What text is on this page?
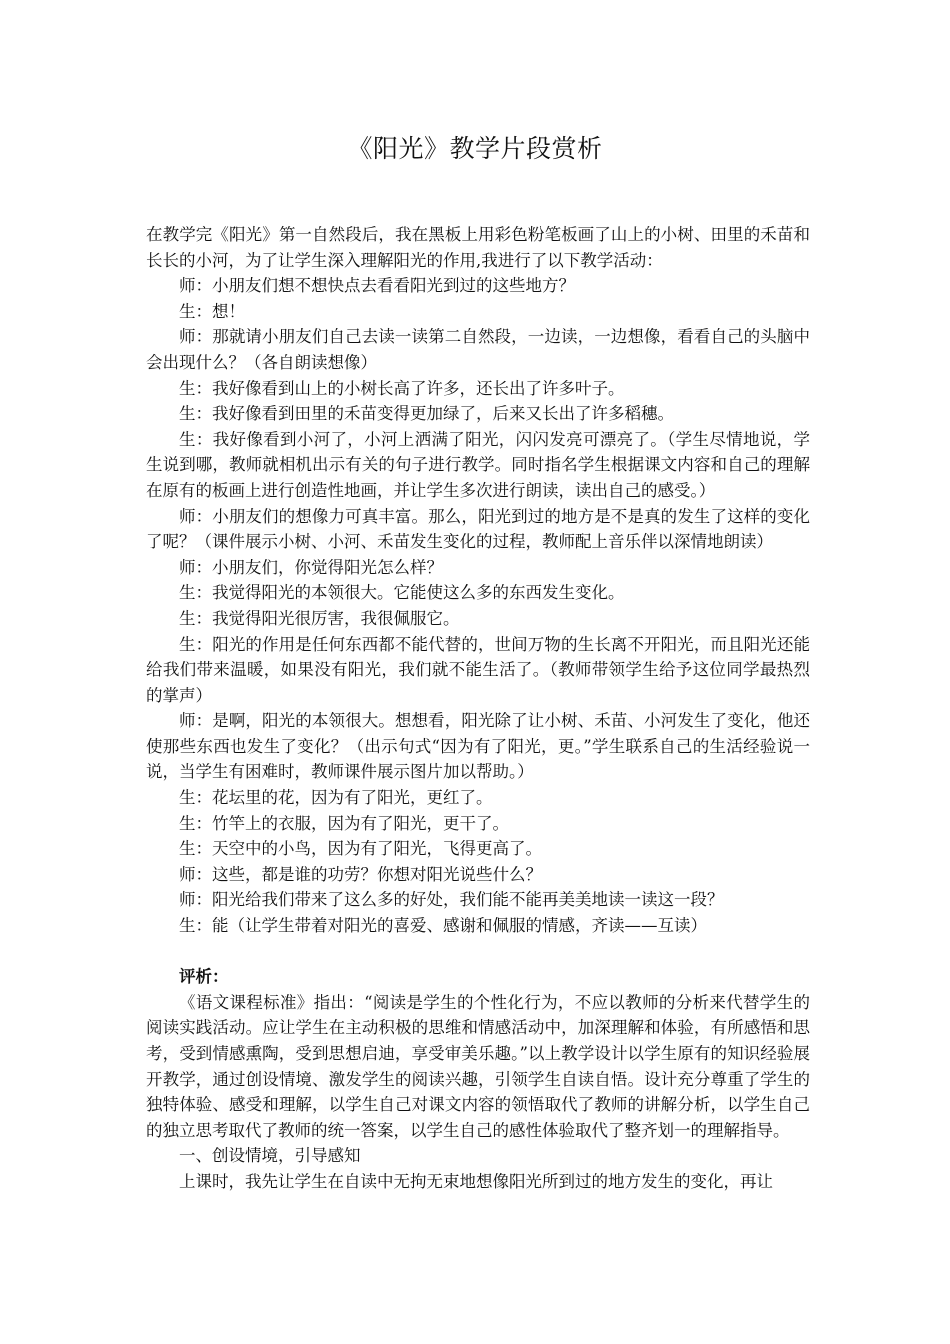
《阳光》教学片段赏析

在教学完《阳光》第一自然段后，我在黑板上用彩色粉笔板画了山上的小树、田里的禾苗和长长的小河，为了让学生深入理解阳光的作用,我进行了以下教学活动：

师：小朋友们想不想快点去看看阳光到过的这些地方？

生：想！

师：那就请小朋友们自己去读一读第二自然段，一边读，一边想像，看看自己的头脑中会出现什么？（各自朗读想像）

生：我好像看到山上的小树长高了许多，还长出了许多叶子。

生：我好像看到田里的禾苗变得更加绿了，后来又长出了许多稻穗。

生：我好像看到小河了，小河上洒满了阳光，闪闪发亮可漂亮了。（学生尽情地说，学生说到哪，教师就相机出示有关的句子进行教学。同时指名学生根据课文内容和自己的理解在原有的板画上进行创造性地画，并让学生多次进行朗读，读出自己的感受。）

师：小朋友们的想像力可真丰富。那么，阳光到过的地方是不是真的发生了这样的变化了呢？（课件展示小树、小河、禾苗发生变化的过程，教师配上音乐伴以深情地朗读）

师：小朋友们，你觉得阳光怎么样？

生：我觉得阳光的本领很大。它能使这么多的东西发生变化。

生：我觉得阳光很厉害，我很佩服它。

生：阳光的作用是任何东西都不能代替的，世间万物的生长离不开阳光，而且阳光还能给我们带来温暖，如果没有阳光，我们就不能生活了。（教师带领学生给予这位同学最热烈的掌声）

师：是啊，阳光的本领很大。想想看，阳光除了让小树、禾苗、小河发生了变化，他还使那些东西也发生了变化？（出示句式“因为有了阳光，更。”学生联系自己的生活经验说一说，当学生有困难时，教师课件展示图片加以帮助。）

生：花坛里的花，因为有了阳光，更红了。

生：竹竿上的衣服，因为有了阳光，更干了。

生：天空中的小鸟，因为有了阳光，飞得更高了。

师：这些，都是谁的功劳？你想对阳光说些什么？

师：阳光给我们带来了这么多的好处，我们能不能再美美地读一读这一段？

生：能（让学生带着对阳光的喜爱、感谢和佩服的情感，齐读——互读）

评析：

《语文课程标准》指出：“阅读是学生的个性化行为，不应以教师的分析来代替学生的阅读实践活动。应让学生在主动积极的思维和情感活动中，加深理解和体验，有所感悟和思考，受到情感熏陶，受到思想启迪，享受审美乐趣。”以上教学设计以学生原有的知识经验展开教学，通过创设情境、激发学生的阅读兴趣，引领学生自读自悟。设计充分尊重了学生的独特体验、感受和理解，以学生自己对课文内容的领悟取代了教师的讲解分析，以学生自己的独立思考取代了教师的统一答案，以学生自己的感性体验取代了整齐划一的理解指导。

一、创设情境，引导感知

上课时，我先让学生在自读中无拘无束地想像阳光所到过的地方发生的变化，再让
